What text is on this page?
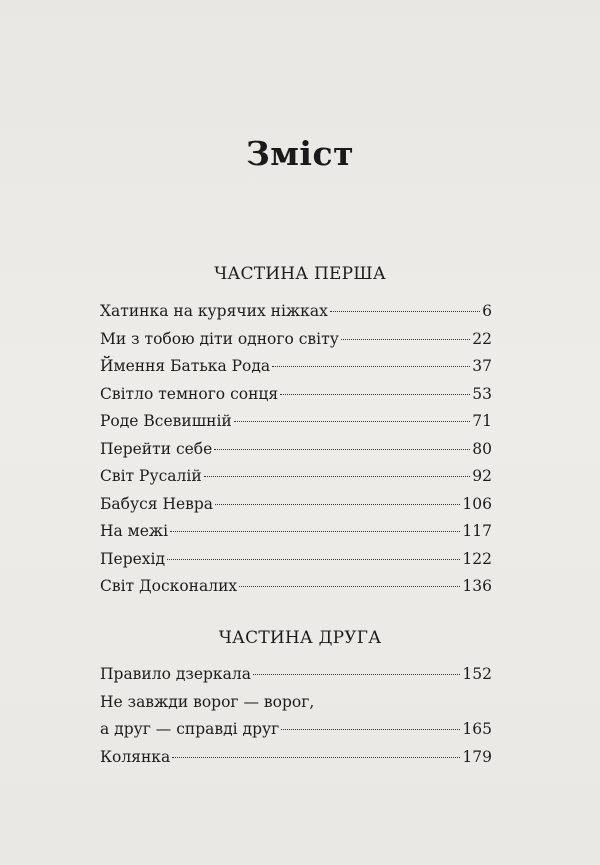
Зміст
ЧАСТИНА ПЕРША
Хатинка на курячих ніжках	6
Ми з тобою діти одного світу	22
Ймення Батька Рода	37
Світло темного сонця	53
Роде Всевишній	71
Перейти себе	80
Світ Русалій	92
Бабуся Невра	106
На межі	117
Перехід	122
Світ Досконалих	136
ЧАСТИНА ДРУГА
Правило дзеркала	152
Не завжди ворог — ворог,
а друг — справді друг	165
Колянка	179
